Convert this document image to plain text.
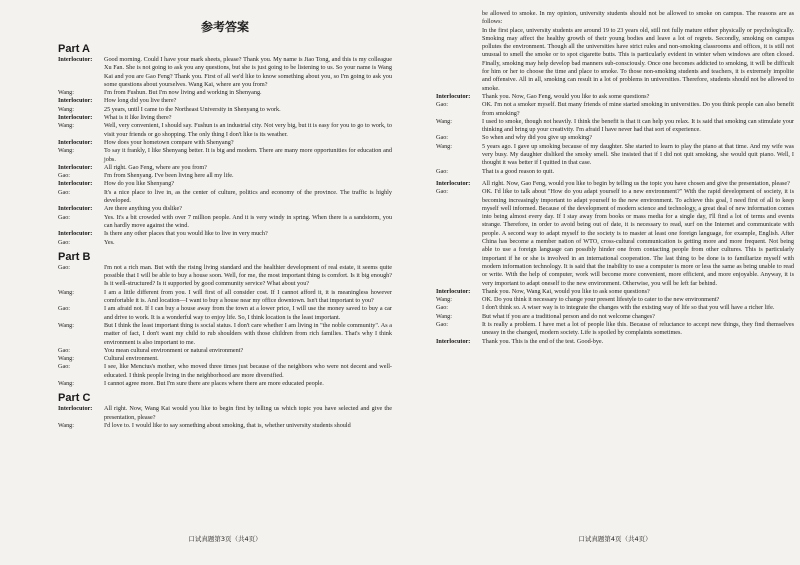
参考答案
Part A
Interlocutor:	Good morning. Could I have your mark sheets, please? Thank you. My name is Jiao Tong, and this is my colleague Xu Fan. She is not going to ask you any questions, but she is just going to be listening to us. So your name is Wang Kai and you are Gao Feng? Thank you. First of all we'd like to know something about you, so I'm going to ask you some questions about yourselves. Wang Kai, where are you from?
Wang:	I'm from Fushun. But I'm now living and working in Shenyang.
Interlocutor:	How long did you live there?
Wang:	25 years, until I came to the Northeast University in Shenyang to work.
Interlocutor:	What is it like living there?
Wang:	Well, very convenient, I should say. Fushun is an industrial city. Not very big, but it is easy for you to go to work, to visit your friends or go shopping. The only thing I don't like is its weather.
Interlocutor:	How does your hometown compare with Shenyang?
Wang:	To say it frankly, I like Shenyang better. It is big and modern. There are many more opportunities for education and jobs.
Interlocutor:	All right. Gao Feng, where are you from?
Gao:	I'm from Shenyang. I've been living here all my life.
Interlocutor:	How do you like Shenyang?
Gao:	It's a nice place to live in, as the center of culture, politics and economy of the province. The traffic is highly developed.
Interlocutor:	Are there anything you dislike?
Gao:	Yes. It's a bit crowded with over 7 million people. And it is very windy in spring. When there is a sandstorm, you can hardly move against the wind.
Interlocutor:	Is there any other places that you would like to live in very much?
Gao:	Yes.
Part B
Gao:	I'm not a rich man. But with the rising living standard and the healthier development of real estate, it seems quite possible that I will be able to buy a house soon. Well, for me, the most important thing is comfort. Is it big enough? Is it well-structured? Is it supported by good community service? What about you?
Wang:	I am a little different from you. I will first of all consider cost. If I cannot afford it, it is meaningless however comfortable it is. And location—I want to buy a house near my office downtown. Isn't that important to you?
Gao:	I am afraid not. If I can buy a house away from the town at a lower price, I will use the money saved to buy a car and drive to work. It is a wonderful way to enjoy life. So, I think location is the least important.
Wang:	But I think the least important thing is social status. I don't care whether I am living in "the noble community". As a matter of fact, I don't want my child to rub shoulders with those children from rich families. That's why I think environment is also important to me.
Gao:	You mean cultural environment or natural environment?
Wang:	Cultural environment.
Gao:	I see, like Mencius's mother, who moved three times just because of the neighbors who were not decent and well-educated. I think people living in the neighborhood are more diversified.
Wang:	I cannot agree more. But I'm sure there are places where there are more educated people.
Part C
Interlocutor:	All right. Now, Wang Kai would you like to begin first by telling us which topic you have selected and give the presentation, please?
Wang:	I'd love to. I would like to say something about smoking, that is, whether university students should
口试真题第3页（共4页）
be allowed to smoke. In my opinion, university students should not be allowed to smoke on campus. The reasons are as follows:
In the first place, university students are around 19 to 23 years old, still not fully mature either physically or psychologically. Smoking may affect the healthy growth of their young bodies and leave a lot of regrets. Secondly, smoking on campus pollutes the environment. Though all the universities have strict rules and non-smoking classrooms and offices, it is still not unusual to smell the smoke or to spot cigarette butts. This is particularly evident in winter when windows are often closed. Finally, smoking may help develop bad manners sub-consciously. Once one becomes addicted to smoking, it will be difficult for him or her to choose the time and place to smoke. To those non-smoking students and teachers, it is extremely impolite and offensive. All in all, smoking can result in a lot of problems in universities. Therefore, students should not be allowed to smoke.
Interlocutor:	Thank you. Now, Gao Feng, would you like to ask some questions?
Gao:	OK. I'm not a smoker myself. But many friends of mine started smoking in universities. Do you think people can also benefit from smoking?
Wang:	I used to smoke, though not heavily. I think the benefit is that it can help you relax. It is said that smoking can stimulate your thinking and bring up your creativity. I'm afraid I have never had that sort of experience.
Gao:	So when and why did you give up smoking?
Wang:	5 years ago. I gave up smoking because of my daughter. She started to learn to play the piano at that time. And my wife was very busy. My daughter disliked the smoky smell. She insisted that if I did not quit smoking, she would quit piano. Well, I thought it was better if I quitted in that case.
Gao:	That is a good reason to quit.
Interlocutor:	All right. Now, Gao Feng, would you like to begin by telling us the topic you have chosen and give the presentation, please?
Gao:	OK. I'd like to talk about "How do you adapt yourself to a new environment?" With the rapid development of society, it is becoming increasingly important to adapt yourself to the new environment. To achieve this goal, I need first of all to keep myself well informed. Because of the development of modern science and technology, a great deal of new information comes into being almost every day. If I stay away from books or mass media for a single day, I'll find a lot of terms and events strange. Therefore, in order to avoid being out of date, it is necessary to read, surf on the Internet and communicate with people. A second way to adapt myself to the society is to master at least one foreign language, for example, English. After China has become a member nation of WTO, cross-cultural communication is getting more and more frequent. Not being able to use a foreign language can possibly hinder one from contacting people from other cultures. This is particularly important if he or she is involved in an international cooperation. The last thing to be done is to familiarize myself with modern information technology. It is said that the inability to use a computer is more or less the same as being unable to read or write. With the help of computer, work will become more convenient, more efficient, and more enjoyable. Anyway, it is very important to adapt oneself to the new environment. Otherwise, you will be left far behind.
Interlocutor:	Thank you. Now, Wang Kai, would you like to ask some questions?
Wang:	OK. Do you think it necessary to change your present lifestyle to cater to the new environment?
Gao:	I don't think so. A wiser way is to integrate the changes with the existing way of life so that you will have a richer life.
Wang:	But what if you are a traditional person and do not welcome changes?
Gao:	It is really a problem. I have met a lot of people like this. Because of reluctance to accept new things, they find themselves uneasy in the changed, modern society. Life is spoiled by complaints sometimes.
Interlocutor:	Thank you. This is the end of the test. Good-bye.
口试真题第4页（共4页）
